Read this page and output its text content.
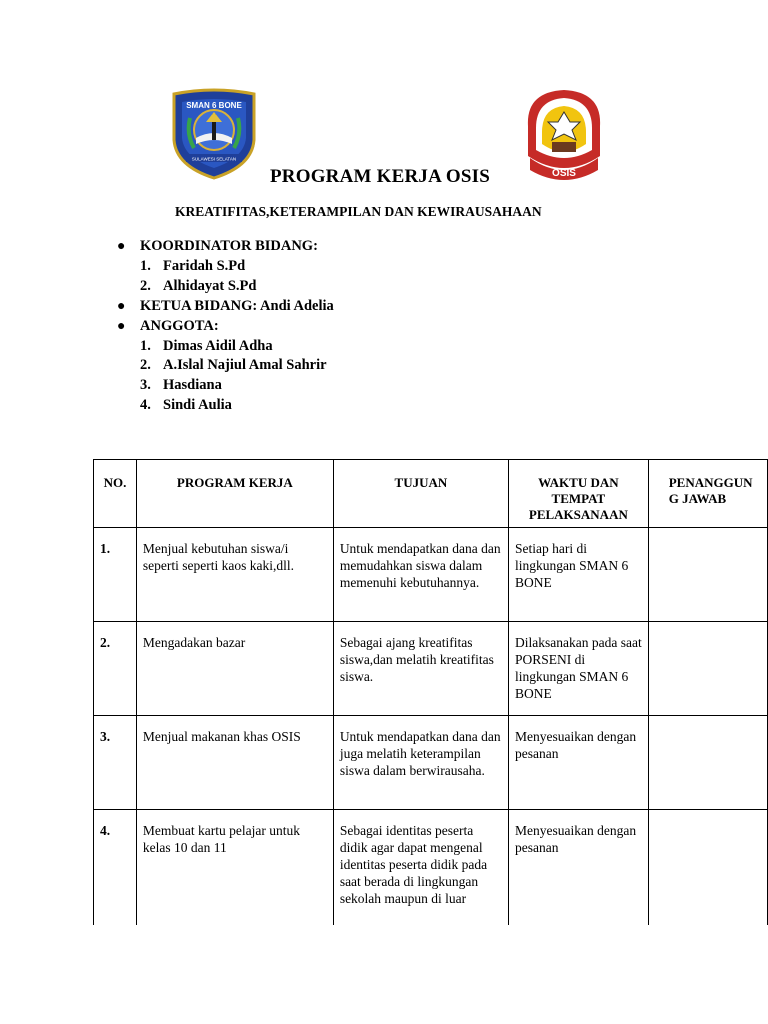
SMAN 6 BONE
SULAWESI SELATAN
OSIS
PROGRAM KERJA OSIS
KREATIFITAS,KETERAMPILAN DAN KEWIRAUSAHAAN
● KOORDINATOR BIDANG:
1. Faridah S.Pd
2. Alhidayat S.Pd
● KETUA BIDANG: Andi Adelia
● ANGGOTA:
1. Dimas Aidil Adha
2. A.Islal Najiul Amal Sahrir
3. Hasdiana
4. Sindi Aulia
NO.	PROGRAM KERJA	TUJUAN	WAKTU DAN TEMPAT PELAKSANAAN	PENANGGUNG JAWAB
1.	Menjual kebutuhan siswa/i seperti seperti kaos kaki,dll.	Untuk mendapatkan dana dan memudahkan siswa dalam memenuhi kebutuhannya.	Setiap hari di lingkungan SMAN 6 BONE	
2.	Mengadakan bazar	Sebagai ajang kreatifitas siswa,dan melatih kreatifitas siswa.	Dilaksanakan pada saat PORSENI di lingkungan SMAN 6 BONE	
3.	Menjual makanan khas OSIS	Untuk mendapatkan dana dan juga melatih keterampilan siswa dalam berwirausaha.	Menyesuaikan dengan pesanan	
4.	Membuat kartu pelajar untuk kelas 10 dan 11	Sebagai identitas peserta didik agar dapat mengenal identitas peserta didik pada saat berada di lingkungan sekolah maupun di luar	Menyesuaikan dengan pesanan	
